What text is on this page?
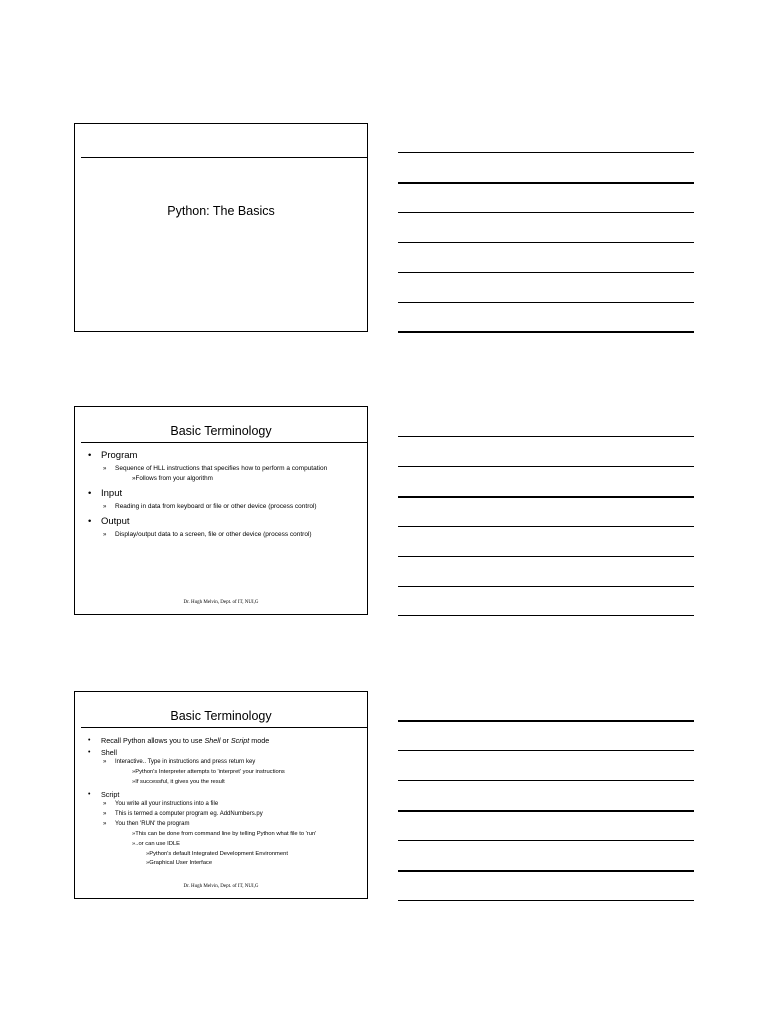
Python: The Basics
Basic Terminology
• Program
» Sequence of HLL instructions that specifies how to perform a computation
»Follows from your algorithm
• Input
» Reading in data from keyboard or file or other device (process control)
• Output
» Display/output data to a screen, file or other device (process control)
Dr. Hugh Melvin, Dept. of IT, NUI,G
Basic Terminology
• Recall Python allows you to use Shell or Script mode
• Shell
» Interactive.. Type in instructions and press return key
»Python's Interpreter attempts to 'interpret' your instructions
»If successful, it gives you the result
• Script
» You write all your instructions into a file
» This is termed a computer program eg. AddNumbers.py
» You then 'RUN' the program
»This can be done from command line by telling Python what file to 'run'
»..or can use IDLE
»Python's default Integrated Development Environment
»Graphical User Interface
Dr. Hugh Melvin, Dept. of IT, NUI,G
